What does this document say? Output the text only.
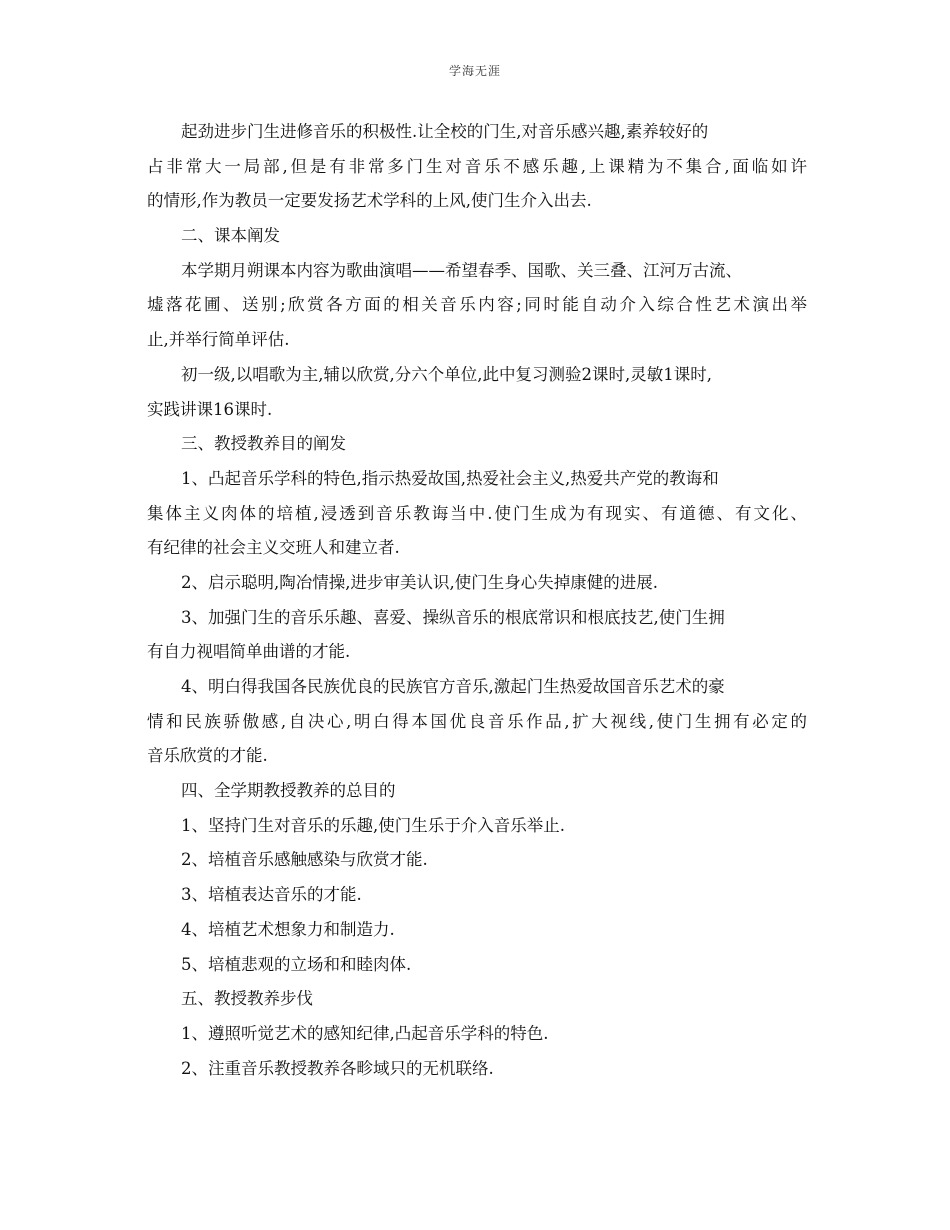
学海无涯
起劲进步门生进修音乐的积极性.让全校的门生,对音乐感兴趣,素养较好的
占非常大一局部,但是有非常多门生对音乐不感乐趣,上课精为不集合,面临如许
的情形,作为教员一定要发扬艺术学科的上风,使门生介入出去.
二、课本阐发
本学期月朔课本内容为歌曲演唱——希望春季、国歌、关三叠、江河万古流、
墟落花圃、送别;欣赏各方面的相关音乐内容;同时能自动介入综合性艺术演出举
止,并举行简单评估.
初一级,以唱歌为主,辅以欣赏,分六个单位,此中复习测验2课时,灵敏1课时,
实践讲课16课时.
三、教授教养目的阐发
1、凸起音乐学科的特色,指示热爱故国,热爱社会主义,热爱共产党的教诲和
集体主义肉体的培植,浸透到音乐教诲当中.使门生成为有现实、有道德、有文化、
有纪律的社会主义交班人和建立者.
2、启示聪明,陶冶情操,进步审美认识,使门生身心失掉康健的进展.
3、加强门生的音乐乐趣、喜爱、操纵音乐的根底常识和根底技艺,使门生拥
有自力视唱简单曲谱的才能.
4、明白得我国各民族优良的民族官方音乐,激起门生热爱故国音乐艺术的豪
情和民族骄傲感,自决心,明白得本国优良音乐作品,扩大视线,使门生拥有必定的
音乐欣赏的才能.
四、全学期教授教养的总目的
1、坚持门生对音乐的乐趣,使门生乐于介入音乐举止.
2、培植音乐感触感染与欣赏才能.
3、培植表达音乐的才能.
4、培植艺术想象力和制造力.
5、培植悲观的立场和和睦肉体.
五、教授教养步伐
1、遵照听觉艺术的感知纪律,凸起音乐学科的特色.
2、注重音乐教授教养各畛域只的无机联络.
